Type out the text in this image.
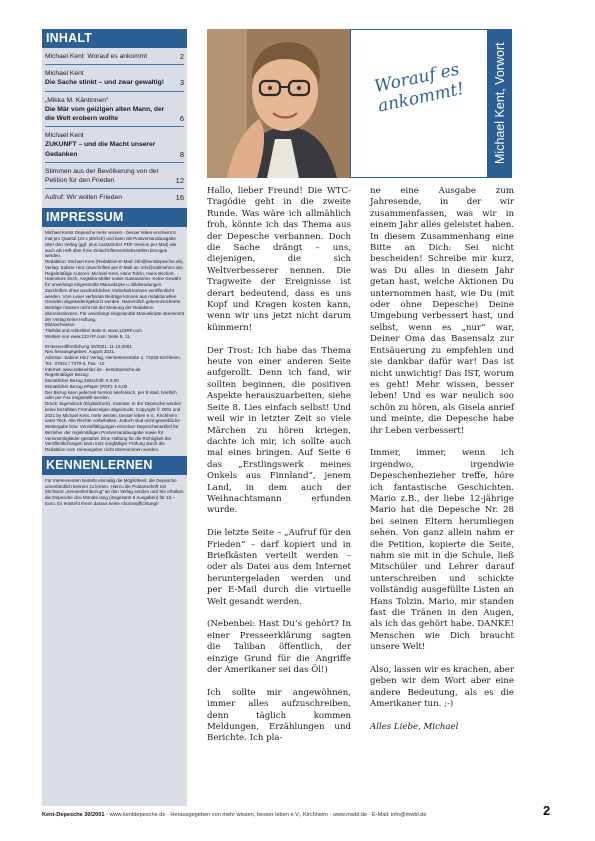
INHALT
Michael Kent: Worauf es ankommt	2
Michael Kent
Die Sache stinkt – und zwar gewaltig!	3
„Mikka M. Käntinnen“
Die Mär vom geizigen alten Mann, der die Welt erobern wollte	6
Michael Kent
ZUKUNFT – und die Macht unserer Gedanken	8
Stimmen aus der Bevölkerung von der Petition für den Frieden	12
Aufruf: Wir wollen Frieden	16
IMPRESSUM

Michael Kents Depesche mehr wissen - besser leben erscheint 6 mal pro Quartal (24 x jährlich) und kann als Postversandausgabe über den Verlag (ggf. plus zusätzlicher PDF-Version per Mail) wie auch als Heft über freie Zeitschriftenvertriebsstellen bezogen werden.

Redaktion: Michael Kent (Redaktion-E-Mail: info@kentdepesche.de), Verlag: Sabine Hinz (Zuschriften per E-Mail an: info@sabinehinz.de).

Regelmäßige Autoren: Michael Kent, Hans Tolzin, Hans Bschorr, Hannelore Zech, Angelika Müller sowie Gastautoren. Keine Gewähr für unverlangt eingesandte Manuskripte u. Bildsendungen. Zuschriften ohne ausdrücklichen Vorbehalt können veröffentlicht werden. Vom Leser verfasste Beiträge können aus redaktionellen Gründen abgeändert/gekürzt werden. Namentlich gekennzeichnete Beiträge müssen nicht mit der Meinung der Redaktion übereinstimmen. Für unverlangt eingesandte Manuskripte übernimmt der Verlag keine Haftung.

Bildnachweise:

Titelbild und Artikeltitel Seite 8: www.123RF.com

Weitere von www.123 RF.com: Seite 9, 11.

Ersterveröffentlichung 30/2001: 11.10.2001

Neu herausgegeben: August 2021.

Adresse: Sabine Hinz Verlag, Henriettenstraße 2, 73230 Kirchheim, Tel.: 07021 / 7379-0, Fax: -10

Internet: www.sabinehinz.de · kentdepesche.de

Regelmäßiger Bezug:

Monatlicher Bezug Zeitschrift: € 8,00

Monatlicher Bezug ePaper (PDF): € 6,00

Der Bezug kann jederzeit formlos telefonisch, per E-Mail, brieflich oder per Fax eingestellt werden.

Druck: Eigendruck (Digitaldruck). Inserate: In der Depesche werden keine bezahlten Fremdanzeigen abgedruckt. Copyright © 2001 und 2021 by Michael Kent, mehr wissen, besser leben e.V., Kirchheim unter Teck. Alle Rechte vorbehalten. Jedoch sind nicht-gewerbliche Weitergabe bzw. Vervielfältigungen einzelner Depeschenartikel für Bezieher der regelmäßigen Postversandausgabe sowie für Vereinsmitglieder gestattet. Eine Haftung für die Richtigkeit der Veröffentlichungen kann trotz sorgfältiger Prüfung durch die Redaktion vom Herausgeber nicht übernommen werden.

KENNENLERNEN
Für Interessenten besteht einmalig die Möglichkeit, die Depesche unverbindlich kennen zu lernen. Hierzu die Postanschrift mit Stichwort „Kennenlernbezug“ an den Verlag senden und Sie erhalten die Depesche drei Monate lang (insgesamt 6 Ausgaben) für 10,– Euro. Es entsteht Ihnen daraus keine Abonnepflichtung!!
Worauf es ankommt!	Michael Kent, Vorwort

Hallo, lieber Freund! Die WTC-Tragödie geht in die zweite Runde. Was wäre ich allmählich froh, könnte ich das Thema aus der Depesche verbannen. Doch die Sache drängt – uns, diejenigen, die sich Weltverbesserer nennen. Die Tragweite der Ereignisse ist derart bedeutend, dass es uns Kopf und Kragen kosten kann, wenn wir uns jetzt nicht darum kümmern!

Der Trost: Ich habe das Thema heute von einer anderen Seite aufgerollt. Denn ich fand, wir sollten beginnen, die positiven Aspekte herauszuarbeiten, siehe Seite 8. Lies einfach selbst! Und weil wir in letzter Zeit so viele Märchen zu hören kriegen, dachte ich mir, ich sollte auch mal eines bringen. Auf Seite 6 das „Erstlingswerk meines Onkels aus Finnland“, jenem Land, in dem auch der Weihnachtsmann erfunden wurde.

Die letzte Seite – „Aufruf für den Frieden“ – darf kopiert und in Briefkästen verteilt werden – oder als Datei aus dem Internet heruntergeladen werden und per E-Mail durch die virtuelle Welt gesandt werden.

(Nebenbei: Hast Du’s gehört? In einer Presseerklärung sagten die Taliban öffentlich, der einzige Grund für die Angriffe der Amerikaner sei das Öl!)

Ich sollte mir angewöhnen, immer alles aufzuschreiben, denn täglich kommen Meldungen, Erzählungen und Berichte. Ich pla-

ne eine Ausgabe zum Jahresende, in der wir zusammenfassen, was wir in einem Jahr alles geleistet haben. In diesem Zusammenhang eine Bitte an Dich: Sei nicht bescheiden! Schreibe mir kurz, was Du alles in diesem Jahr getan hast, welche Aktionen Du unternommen hast, wie Du (mit oder ohne Depesche) Deine Umgebung verbessert hast, und selbst, wenn es „nur“ war, Deiner Oma das Basensalz zur Entsäuerung zu empfehlen und sie dankbar dafür war! Das ist nicht unwichtig! Das IST, worum es geht! Mehr wissen, besser leben! Und es war neulich soo schön zu hören, als Gisela anrief und meinte, die Depesche habe ihr Leben verbessert!

Immer, immer, wenn ich irgendwo, irgendwie Depeschenbezieher treffe, höre ich fantastische Geschichten. Mario z.B., der liebe 12-jährige Mario hat die Depesche Nr. 28 bei seinen Eltern herumliegen sehen. Von ganz allein nahm er die Petition, kopierte die Seite, nahm sie mit in die Schule, ließ Mitschüler und Lehrer darauf unterschreiben und schickte vollständig ausgefüllte Listen an Hans Tolzin. Mario, mir standen fast die Tränen in den Augen, als ich das gehört habe. DANKE! Menschen wie Dich braucht unsere Welt!

Also, lassen wir es krachen, aber geben wir dem Wort aber eine andere Bedeutung, als es die Amerikaner tun. ;-)

Alles Liebe, Michael

Kent-Depesche 30/2001 · www.kentdepesche.de · Herausgegeben von mehr wissen, besser leben e.V., Kirchheim · www.mwbl.de · E-Mail: info@mwbl.de	2
